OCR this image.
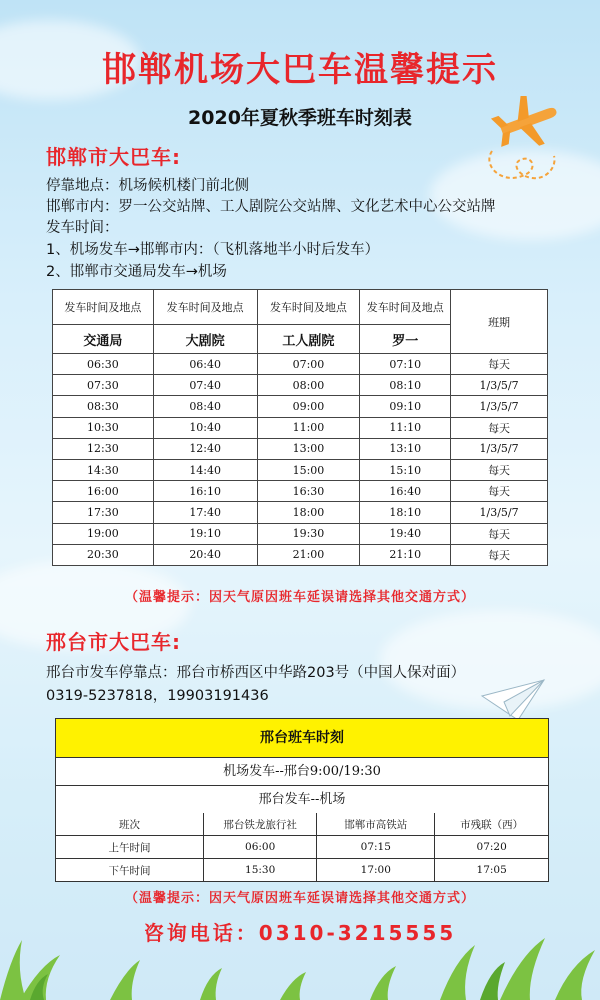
邯郸机场大巴车温馨提示
2020年夏秋季班车时刻表
邯郸市大巴车:
停靠地点：机场候机楼门前北侧
邯郸市内：罗一公交站牌、工人剧院公交站牌、文化艺术中心公交站牌
发车时间：
1、机场发车→邯郸市内：（飞机落地半小时后发车）
2、邯郸市交通局发车→机场
发车时间及地点	发车时间及地点	发车时间及地点	发车时间及地点	班期
交通局	大剧院	工人剧院	罗一	
06:30	06:40	07:00	07:10	每天
07:30	07:40	08:00	08:10	1/3/5/7
08:30	08:40	09:00	09:10	1/3/5/7
10:30	10:40	11:00	11:10	每天
12:30	12:40	13:00	13:10	1/3/5/7
14:30	14:40	15:00	15:10	每天
16:00	16:10	16:30	16:40	每天
17:30	17:40	18:00	18:10	1/3/5/7
19:00	19:10	19:30	19:40	每天
20:30	20:40	21:00	21:10	每天
（温馨提示：因天气原因班车延误请选择其他交通方式）
邢台市大巴车:
邢台市发车停靠点：邢台市桥西区中华路203号（中国人保对面）
0319-5237818，19903191436
邢台班车时刻
机场发车--邢台9:00/19:30
邢台发车--机场
班次	邢台铁龙旅行社	邯郸市高铁站	市残联（西）
上午时间	06:00	07:15	07:20
下午时间	15:30	17:00	17:05
（温馨提示：因天气原因班车延误请选择其他交通方式）
咨询电话：0310-3215555
